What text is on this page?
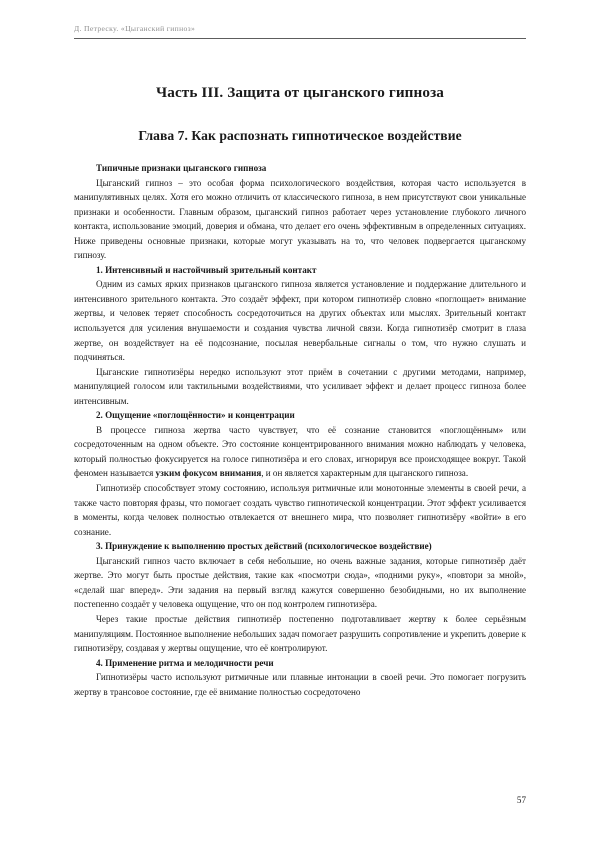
Д. Петреску. «Цыганский гипноз»
Часть III. Защита от цыганского гипноза
Глава 7. Как распознать гипнотическое воздействие
Типичные признаки цыганского гипноза

Цыганский гипноз – это особая форма психологического воздействия, которая часто используется в манипулятивных целях. Хотя его можно отличить от классического гипноза, в нем присутствуют свои уникальные признаки и особенности. Главным образом, цыганский гипноз работает через установление глубокого личного контакта, использование эмоций, доверия и обмана, что делает его очень эффективным в определенных ситуациях. Ниже приведены основные признаки, которые могут указывать на то, что человек подвергается цыганскому гипнозу.

1. Интенсивный и настойчивый зрительный контакт

Одним из самых ярких признаков цыганского гипноза является установление и поддержание длительного и интенсивного зрительного контакта. Это создаёт эффект, при котором гипнотизёр словно «поглощает» внимание жертвы, и человек теряет способность сосредоточиться на других объектах или мыслях. Зрительный контакт используется для усиления внушаемости и создания чувства личной связи. Когда гипнотизёр смотрит в глаза жертве, он воздействует на её подсознание, посылая невербальные сигналы о том, что нужно слушать и подчиняться.

Цыганские гипнотизёры нередко используют этот приём в сочетании с другими методами, например, манипуляцией голосом или тактильными воздействиями, что усиливает эффект и делает процесс гипноза более интенсивным.

2. Ощущение «поглощённости» и концентрации

В процессе гипноза жертва часто чувствует, что её сознание становится «поглощённым» или сосредоточенным на одном объекте. Это состояние концентрированного внимания можно наблюдать у человека, который полностью фокусируется на голосе гипнотизёра и его словах, игнорируя все происходящее вокруг. Такой феномен называется узким фокусом внимания, и он является характерным для цыганского гипноза.

Гипнотизёр способствует этому состоянию, используя ритмичные или монотонные элементы в своей речи, а также часто повторяя фразы, что помогает создать чувство гипнотической концентрации. Этот эффект усиливается в моменты, когда человек полностью отвлекается от внешнего мира, что позволяет гипнотизёру «войти» в его сознание.

3. Принуждение к выполнению простых действий (психологическое воздействие)

Цыганский гипноз часто включает в себя небольшие, но очень важные задания, которые гипнотизёр даёт жертве. Это могут быть простые действия, такие как «посмотри сюда», «подними руку», «повтори за мной», «сделай шаг вперед». Эти задания на первый взгляд кажутся совершенно безобидными, но их выполнение постепенно создаёт у человека ощущение, что он под контролем гипнотизёра.

Через такие простые действия гипнотизёр постепенно подготавливает жертву к более серьёзным манипуляциям. Постоянное выполнение небольших задач помогает разрушить сопротивление и укрепить доверие к гипнотизёру, создавая у жертвы ощущение, что её контролируют.

4. Применение ритма и мелодичности речи

Гипнотизёры часто используют ритмичные или плавные интонации в своей речи. Это помогает погрузить жертву в трансовое состояние, где её внимание полностью сосредоточено

57
